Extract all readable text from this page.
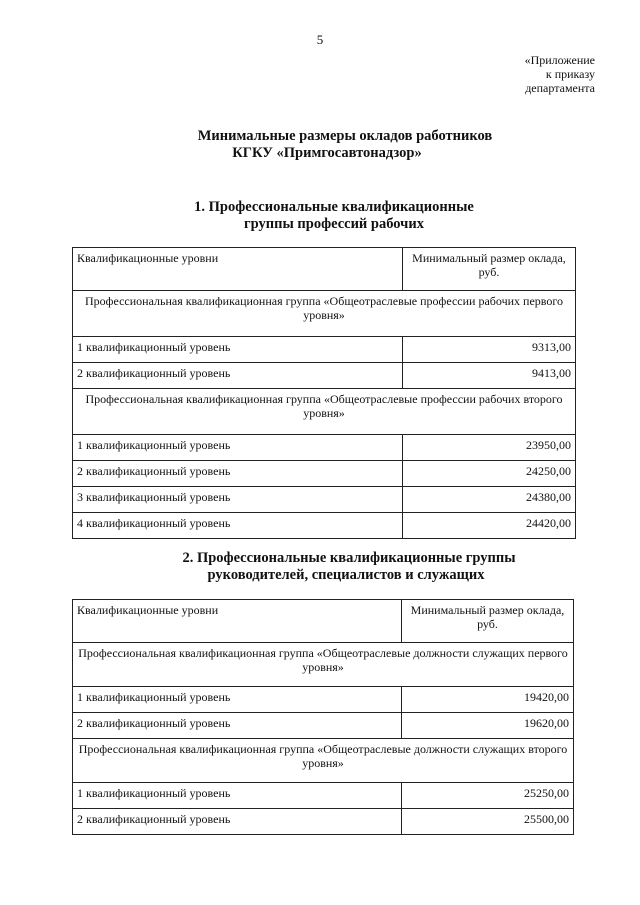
5
«Приложение
к приказу
департамента
Минимальные размеры окладов работников
КГКУ «Примгосавтонадзор»
1. Профессиональные квалификационные
группы профессий рабочих
Квалификационные уровни	Минимальный размер оклада, руб.
Профессиональная квалификационная группа «Общеотраслевые профессии рабочих первого уровня»	
1 квалификационный уровень	9313,00
2 квалификационный уровень	9413,00
Профессиональная квалификационная группа «Общеотраслевые профессии рабочих второго уровня»	
1 квалификационный уровень	23950,00
2 квалификационный уровень	24250,00
3 квалификационный уровень	24380,00
4 квалификационный уровень	24420,00
2. Профессиональные квалификационные группы
руководителей, специалистов и служащих
Квалификационные уровни	Минимальный размер оклада, руб.
Профессиональная квалификационная группа «Общеотраслевые должности служащих первого уровня»	
1 квалификационный уровень	19420,00
2 квалификационный уровень	19620,00
Профессиональная квалификационная группа «Общеотраслевые должности служащих второго уровня»	
1 квалификационный уровень	25250,00
2 квалификационный уровень	25500,00
